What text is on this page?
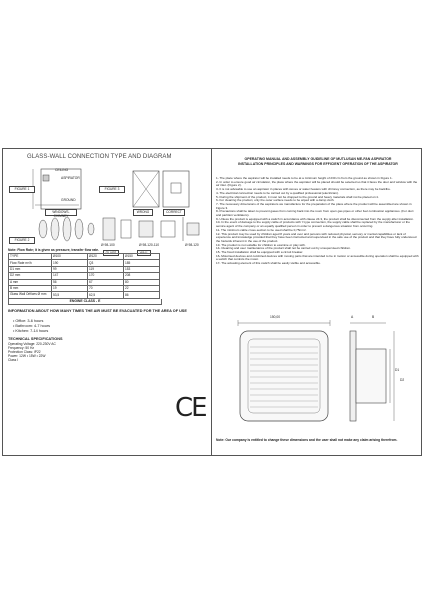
GLASS-WALL CONNECTION TYPE AND DIAGRAM
CEILING
ASPIRATOR
GROUND
FIGURE 1	FIGURE 3
FIGURE 2
WINDOWS-CHIMNEY
WRONG	CORRECT
Ø 98-100	Ø 98-120-110	Ø 98-120
GLASS	WALL
Note: Flow Rate; It is given as pressure, transfer flow rate.
TYPE	Ø100	Ø120	Ø150
Flow Rate m³/h	190	Q3	185
D1 mm	99	119	153
D2 mm	147	170	208
A mm	56	67	80
B mm	19	70	22
Glass Wall Orifices Ø mm	53,5	62,5	86
ENGINE CLASS - E
INFORMATION ABOUT HOW MANY TIMES THE AIR MUST BE EVACUATED FOR THE AREA OF USE
• Office: 3-6 hours
• Bathroom: 4-7 hours
• Kitchen: 7-14 hours
TECHNICAL SPECIFICATIONS
Operating Voltage: 220-230V AC
Frequency: 50 Hz
Protection Class: IP22
Power: 12W • 15W • 22W
Class I
CE
OPERATING MANUAL AND ASSEMBLY GUIDELINE OF MUTLUSAN ME-FAN ASPIRATOR
INSTALLATION PRINCIPLES AND WARNINGS FOR EFFICIENT OPERATION OF THE ASPIRATOR
1- The place where the aspirator will be installed needs to be at a minimum height of 230 cm from the ground as shown in Figure 1.
2- In order to ensure good air circulation, the place where the aspirator will be placed should be selected so that it faces the door and window with the air inlet. (Figure 2).
3- It is not advisable to use an aspirator in places with stoves or water heaters with chimney connection, as there may be backfire.
4- The electrical connection needs to be carried out by a qualified professional (electrician).
5- During the shipment of the product, it must not be dropped to the ground and heavy materials shall not be placed on it.
6- For cleaning the product, only the outer surface needs to be wiped with a damp cloth.
7- The necessary dimensions of the aspirators we manufacture for the preparation of the place where the product will be assembled are shown in Figure 3.
8- Precautions shall be taken to prevent gases from coming back into the room from open gas pipes or other fuel combustion appliances. (For duct and partition ventilators).
9- Unless the product is equipped with a switch in accordance with clause 24.3, the product shall be disconnected from the supply after installation.
10- In the event of damage to the supply cable of products with Y-type connection, the supply cable shall be replaced by the manufacturer or the service agent of the company or an equally qualified person in order to prevent a dangerous situation from occurring.
11- The minimum cable cross-section to be used shall be 0,75mm².
12- This product may be used by children aged 8 years and over and persons with reduced physical, sensory or mental capabilities or lack of experience and knowledge provided that they have been instructed and supervised in the safe use of the product and that they have fully understood the hazards inherent in the use of the product.
13- The product is not suitable for children to examine or play with.
14- Cleaning and user maintenance of the product shall not be carried out by unsupervised children.
15- The fixed installation shall be equipped with a circuit breaker.
16- Motorised devices and combined devices with moving parts that are intended to be in motion or accessible during operation shall be equipped with a switch that controls the motor.
17- The actuating element of this switch shall be easily visible and accessible.
150,00	A	B
D1
D2
Note: Our company is entitled to change these dimensions and the user shall not make any claim arising therefrom.
